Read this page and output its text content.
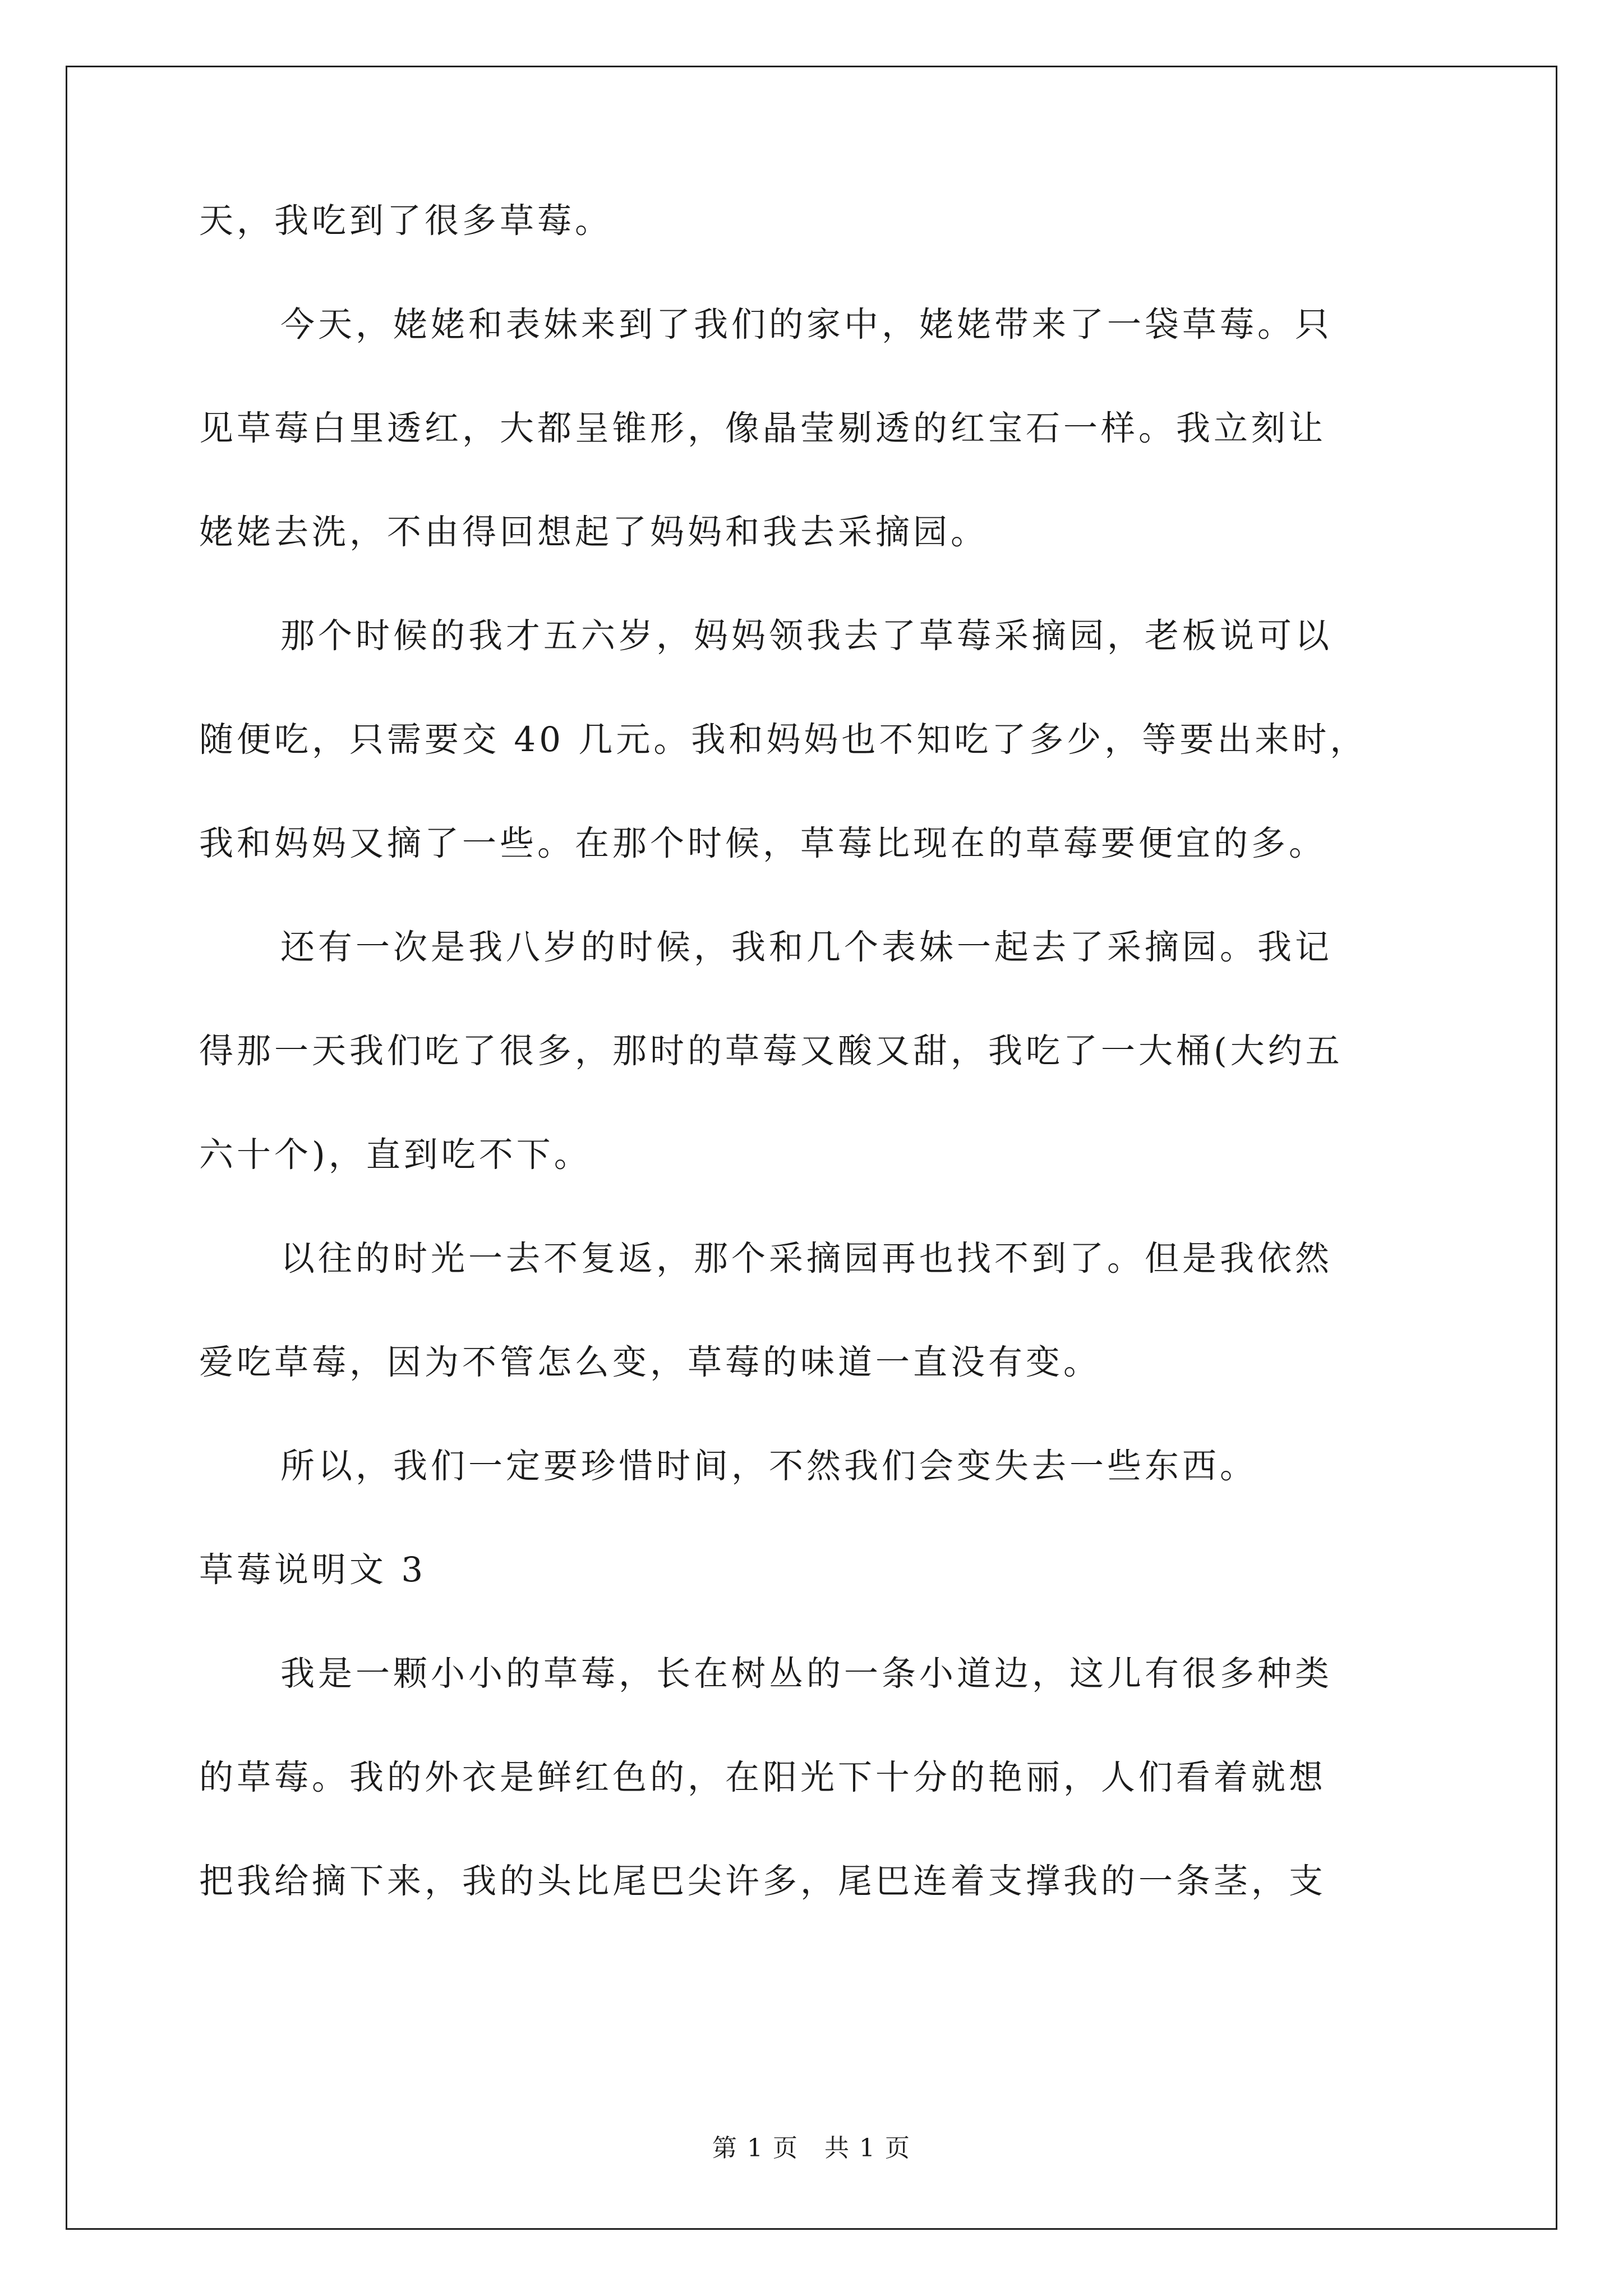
天，我吃到了很多草莓。
今天，姥姥和表妹来到了我们的家中，姥姥带来了一袋草莓。只
见草莓白里透红，大都呈锥形，像晶莹剔透的红宝石一样。我立刻让
姥姥去洗，不由得回想起了妈妈和我去采摘园。
那个时候的我才五六岁，妈妈领我去了草莓采摘园，老板说可以
随便吃，只需要交 40 几元。我和妈妈也不知吃了多少，等要出来时，
我和妈妈又摘了一些。在那个时候，草莓比现在的草莓要便宜的多。
还有一次是我八岁的时候，我和几个表妹一起去了采摘园。我记
得那一天我们吃了很多，那时的草莓又酸又甜，我吃了一大桶(大约五
六十个)，直到吃不下。
以往的时光一去不复返，那个采摘园再也找不到了。但是我依然
爱吃草莓，因为不管怎么变，草莓的味道一直没有变。
所以，我们一定要珍惜时间，不然我们会变失去一些东西。
草莓说明文 3
我是一颗小小的草莓，长在树丛的一条小道边，这儿有很多种类
的草莓。我的外衣是鲜红色的，在阳光下十分的艳丽，人们看着就想
把我给摘下来，我的头比尾巴尖许多，尾巴连着支撑我的一条茎，支
第 1 页　共 1 页
